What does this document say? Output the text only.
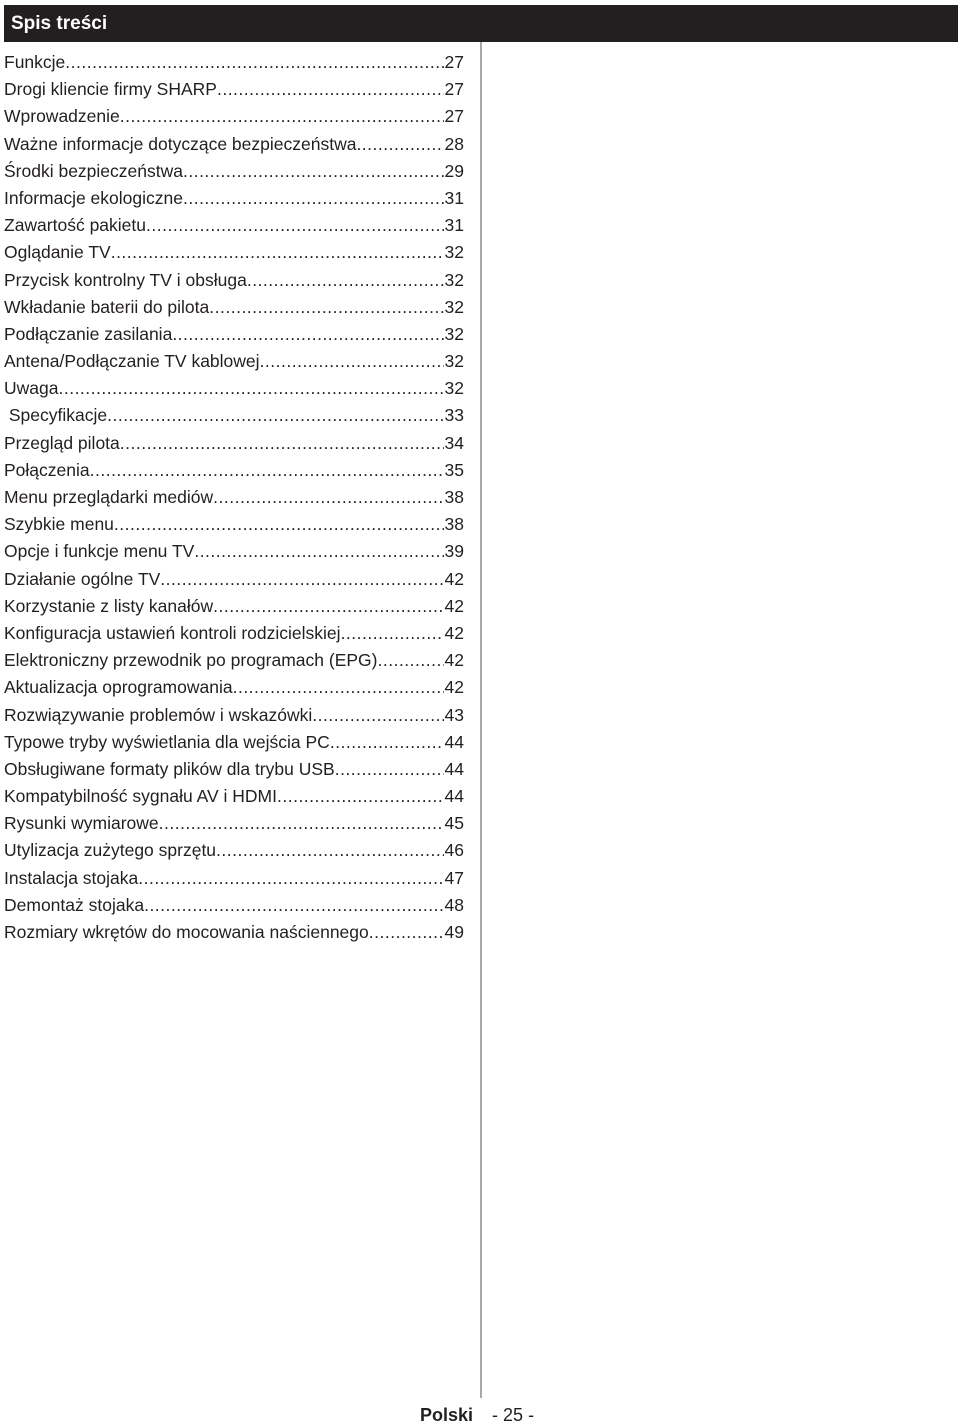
Spis treści
Funkcje .....	27
Drogi kliencie firmy SHARP .....	27
Wprowadzenie .....	27
Ważne informacje dotyczące bezpieczeństwa .....	28
Środki bezpieczeństwa .....	29
Informacje ekologiczne .....	31
Zawartość pakietu .....	31
Oglądanie TV .....	32
Przycisk kontrolny TV i obsługa .....	32
Wkładanie baterii do pilota .....	32
Podłączanie zasilania .....	32
Antena/Podłączanie TV kablowej .....	32
Uwaga .....	32
Specyfikacje .....	33
Przegląd pilota .....	34
Połączenia .....	35
Menu przeglądarki mediów .....	38
Szybkie menu .....	38
Opcje i funkcje menu TV .....	39
Działanie ogólne TV .....	42
Korzystanie z listy kanałów .....	42
Konfiguracja ustawień kontroli rodzicielskiej .....	42
Elektroniczny przewodnik po programach (EPG) .....	42
Aktualizacja oprogramowania .....	42
Rozwiązywanie problemów i wskazówki .....	43
Typowe tryby wyświetlania dla wejścia PC .....	44
Obsługiwane formaty plików dla trybu USB .....	44
Kompatybilność sygnału AV i HDMI .....	44
Rysunki wymiarowe .....	45
Utylizacja zużytego sprzętu .....	46
Instalacja stojaka .....	47
Demontaż stojaka .....	48
Rozmiary wkrętów do mocowania naściennego .....	49
Polski - 25 -
